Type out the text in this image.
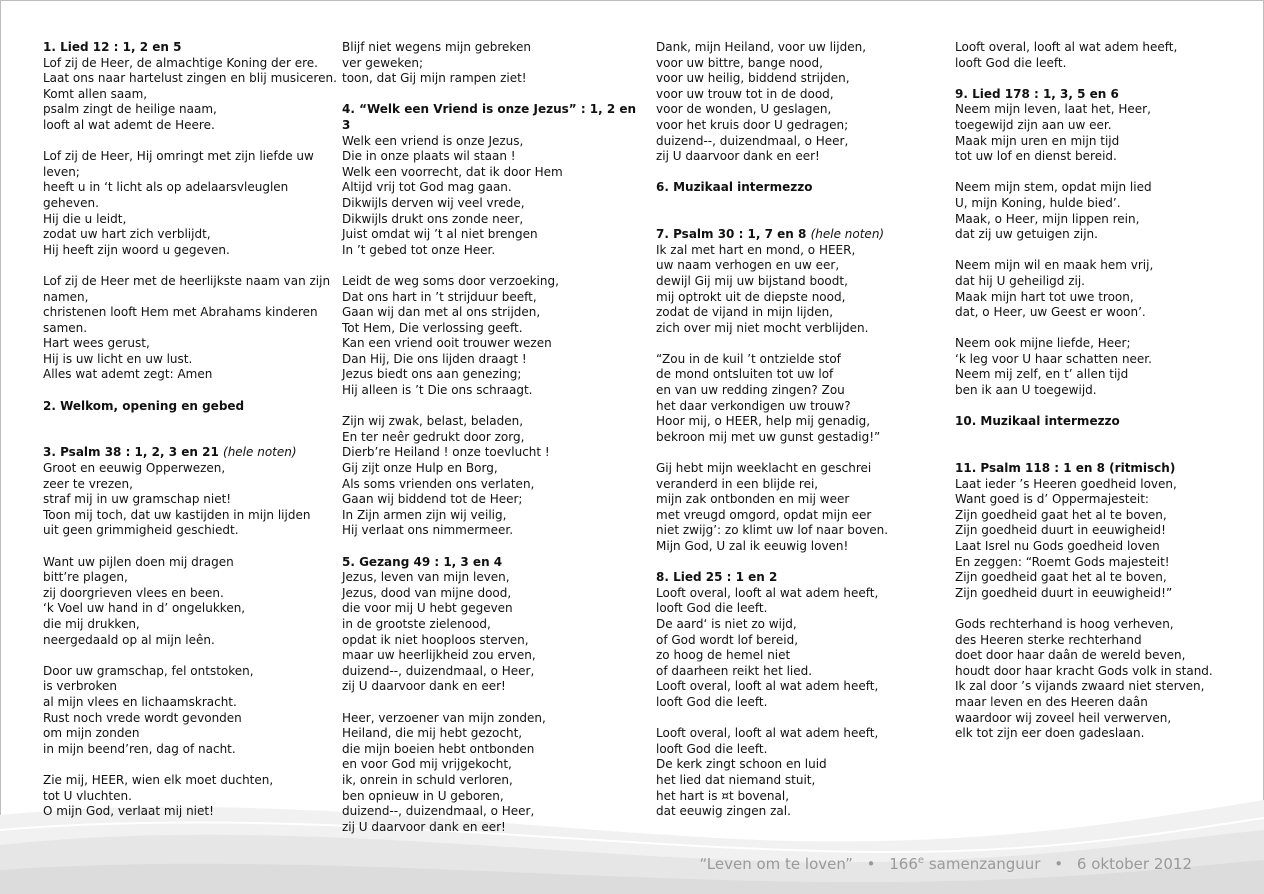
1. Lied 12 : 1, 2 en 5

Lof zij de Heer, de almachtige Koning der ere.
Laat ons naar hartelust zingen en blij musiceren.
Komt allen saam,
psalm zingt de heilige naam,
looft al wat ademt de Heere.

Lof zij de Heer, Hij omringt met zijn liefde uw
leven;
heeft u in ‘t licht als op adelaarsvleuglen
geheven.
Hij die u leidt,
zodat uw hart zich verblijdt,
Hij heeft zijn woord u gegeven.

Lof zij de Heer met de heerlijkste naam van zijn
namen,
christenen looft Hem met Abrahams kinderen
samen.
Hart wees gerust,
Hij is uw licht en uw lust.
Alles wat ademt zegt: Amen

2. Welkom, opening en gebed

3. Psalm 38 : 1, 2, 3 en 21 (hele noten)

Groot en eeuwig Opperwezen,
zeer te vrezen,
straf mij in uw gramschap niet!
Toon mij toch, dat uw kastijden in mijn lijden
uit geen grimmigheid geschiedt.

Want uw pijlen doen mij dragen
bitt’re plagen,
zij doorgrieven vlees en been.
‘k Voel uw hand in d’ ongelukken,
die mij drukken,
neergedaald op al mijn leên.

Door uw gramschap, fel ontstoken,
is verbroken
al mijn vlees en lichaamskracht.
Rust noch vrede wordt gevonden
om mijn zonden
in mijn beend’ren, dag of nacht.

Zie mij, HEER, wien elk moet duchten,
tot U vluchten.
O mijn God, verlaat mij niet!

Blijf niet wegens mijn gebreken
ver geweken;
toon, dat Gij mijn rampen ziet!

4. “Welk een Vriend is onze Jezus” : 1, 2 en 3

Welk een vriend is onze Jezus,
Die in onze plaats wil staan !
Welk een voorrecht, dat ik door Hem
Altijd vrij tot God mag gaan.
Dikwijls derven wij veel vrede,
Dikwijls drukt ons zonde neer,
Juist omdat wij ’t al niet brengen
In ’t gebed tot onze Heer.

Leidt de weg soms door verzoeking,
Dat ons hart in ’t strijduur beeft,
Gaan wij dan met al ons strijden,
Tot Hem, Die verlossing geeft.
Kan een vriend ooit trouwer wezen
Dan Hij, Die ons lijden draagt !
Jezus biedt ons aan genezing;
Hij alleen is ’t Die ons schraagt.

Zijn wij zwak, belast, beladen,
En ter neêr gedrukt door zorg,
Dierb’re Heiland ! onze toevlucht !
Gij zijt onze Hulp en Borg,
Als soms vrienden ons verlaten,
Gaan wij biddend tot de Heer;
In Zijn armen zijn wij veilig,
Hij verlaat ons nimmermeer.

5. Gezang 49 : 1, 3 en 4

Jezus, leven van mijn leven,
Jezus, dood van mijne dood,
die voor mij U hebt gegeven
in de grootste zielenood,
opdat ik niet hooploos sterven,
maar uw heerlijkheid zou erven,
duizend--, duizendmaal, o Heer,
zij U daarvoor dank en eer!

Heer, verzoener van mijn zonden,
Heiland, die mij hebt gezocht,
die mijn boeien hebt ontbonden
en voor God mij vrijgekocht,
ik, onrein in schuld verloren,
ben opnieuw in U geboren,
duizend--, duizendmaal, o Heer,
zij U daarvoor dank en eer!

Dank, mijn Heiland, voor uw lijden,
voor uw bittre, bange nood,
voor uw heilig, biddend strijden,
voor uw trouw tot in de dood,
voor de wonden, U geslagen,
voor het kruis door U gedragen;
duizend--, duizendmaal, o Heer,
zij U daarvoor dank en eer!

6. Muzikaal intermezzo

7. Psalm 30 : 1, 7 en 8 (hele noten)

Ik zal met hart en mond, o HEER,
uw naam verhogen en uw eer,
dewijl Gij mij uw bijstand boodt,
mij optrokt uit de diepste nood,
zodat de vijand in mijn lijden,
zich over mij niet mocht verblijden.

“Zou in de kuil ’t ontzielde stof
de mond ontsluiten tot uw lof
en van uw redding zingen? Zou
het daar verkondigen uw trouw?
Hoor mij, o HEER, help mij genadig,
bekroon mij met uw gunst gestadig!”

Gij hebt mijn weeklacht en geschrei
veranderd in een blijde rei,
mijn zak ontbonden en mij weer
met vreugd omgord, opdat mijn eer
niet zwijg’: zo klimt uw lof naar boven.
Mijn God, U zal ik eeuwig loven!

8. Lied 25 : 1 en 2

Looft overal, looft al wat adem heeft,
looft God die leeft.
De aard‘ is niet zo wijd,
of God wordt lof bereid,
zo hoog de hemel niet
of daarheen reikt het lied.
Looft overal, looft al wat adem heeft,
looft God die leeft.

Looft overal, looft al wat adem heeft,
looft God die leeft.
De kerk zingt schoon en luid
het lied dat niemand stuit,
het hart is ¤t bovenal,
dat eeuwig zingen zal.

Looft overal, looft al wat adem heeft,
looft God die leeft.

9. Lied 178 : 1, 3, 5 en 6

Neem mijn leven, laat het, Heer,
toegewijd zijn aan uw eer.
Maak mijn uren en mijn tijd
tot uw lof en dienst bereid.

Neem mijn stem, opdat mijn lied
U, mijn Koning, hulde bied’.
Maak, o Heer, mijn lippen rein,
dat zij uw getuigen zijn.

Neem mijn wil en maak hem vrij,
dat hij U geheiligd zij.
Maak mijn hart tot uwe troon,
dat, o Heer, uw Geest er woon’.

Neem ook mijne liefde, Heer;
‘k leg voor U haar schatten neer.
Neem mij zelf, en t’ allen tijd
ben ik aan U toegewijd.

10. Muzikaal intermezzo

11. Psalm 118 : 1 en 8 (ritmisch)

Laat ieder ’s Heeren goedheid loven,
Want goed is d’ Oppermajesteit:
Zijn goedheid gaat het al te boven,
Zijn goedheid duurt in eeuwigheid!
Laat Isrel nu Gods goedheid loven
En zeggen: “Roemt Gods majesteit!
Zijn goedheid gaat het al te boven,
Zijn goedheid duurt in eeuwigheid!”

Gods rechterhand is hoog verheven,
des Heeren sterke rechterhand
doet door haar daân de wereld beven,
houdt door haar kracht Gods volk in stand.
Ik zal door ’s vijands zwaard niet sterven,
maar leven en des Heeren daân
waardoor wij zoveel heil verwerven,
elk tot zijn eer doen gadeslaan.

“Leven om te loven” • 166e samenzanguur • 6 oktober 2012
